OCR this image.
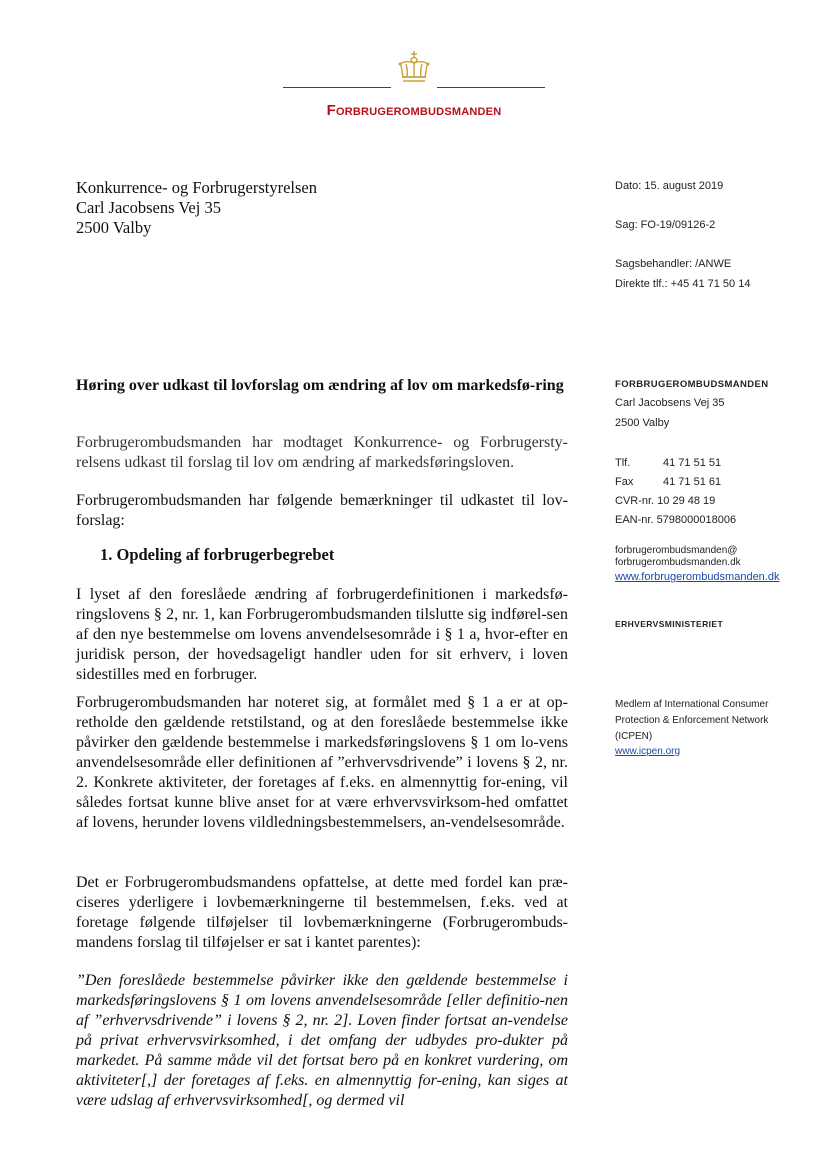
Forbrugerombudsmanden
Konkurrence- og Forbrugerstyrelsen
Carl Jacobsens Vej 35
2500 Valby
Dato: 15. august 2019
Sag: FO-19/09126-2
Sagsbehandler: /ANWE
Direkte tlf.: +45 41 71 50 14
FORBRUGEROMBUDSMANDEN
Carl Jacobsens Vej 35
2500 Valby
Tlf.	41 71 51 51
Fax	41 71 51 61
CVR-nr. 10 29 48 19
EAN-nr. 5798000018006
forbrugerombudsmanden@
forbrugerombudsmanden.dk
www.forbrugerombudsmanden.dk
ERHVERVSMINISTERIET
Medlem af International Consumer
Protection & Enforcement Network
(ICPEN)
www.icpen.org
Høring over udkast til lovforslag om ændring af lov om markedsfø-ring
Forbrugerombudsmanden har modtaget Konkurrence- og Forbrugersty-relsens udkast til forslag til lov om ændring af markedsføringsloven.
Forbrugerombudsmanden har følgende bemærkninger til udkastet til lov-forslag:
1. Opdeling af forbrugerbegrebet
I lyset af den foreslåede ændring af forbrugerdefinitionen i markedsfø-ringslovens § 2, nr. 1, kan Forbrugerombudsmanden tilslutte sig indførel-sen af den nye bestemmelse om lovens anvendelsesområde i § 1 a, hvor-efter en juridisk person, der hovedsageligt handler uden for sit erhverv, i loven sidestilles med en forbruger.
Forbrugerombudsmanden har noteret sig, at formålet med § 1 a er at op-retholde den gældende retstilstand, og at den foreslåede bestemmelse ikke påvirker den gældende bestemmelse i markedsføringslovens § 1 om lo-vens anvendelsesområde eller definitionen af ”erhvervsdrivende” i lovens § 2, nr. 2. Konkrete aktiviteter, der foretages af f.eks. en almennyttig for-ening, vil således fortsat kunne blive anset for at være erhvervsvirksom-hed omfattet af lovens, herunder lovens vildledningsbestemmelsers, an-vendelsesområde.
Det er Forbrugerombudsmandens opfattelse, at dette med fordel kan præ-ciseres yderligere i lovbemærkningerne til bestemmelsen, f.eks. ved at foretage følgende tilføjelser til lovbemærkningerne (Forbrugerombuds-mandens forslag til tilføjelser er sat i kantet parentes):
”Den foreslåede bestemmelse påvirker ikke den gældende bestemmelse i markedsføringslovens § 1 om lovens anvendelsesområde [eller definitio-nen af ”erhvervsdrivende” i lovens § 2, nr. 2]. Loven finder fortsat an-vendelse på privat erhvervsvirksomhed, i det omfang der udbydes pro-dukter på markedet. På samme måde vil det fortsat bero på en konkret vurdering, om aktiviteter[,] der foretages af f.eks. en almennyttig for-ening, kan siges at være udslag af erhvervsvirksomhed[, og dermed vil
